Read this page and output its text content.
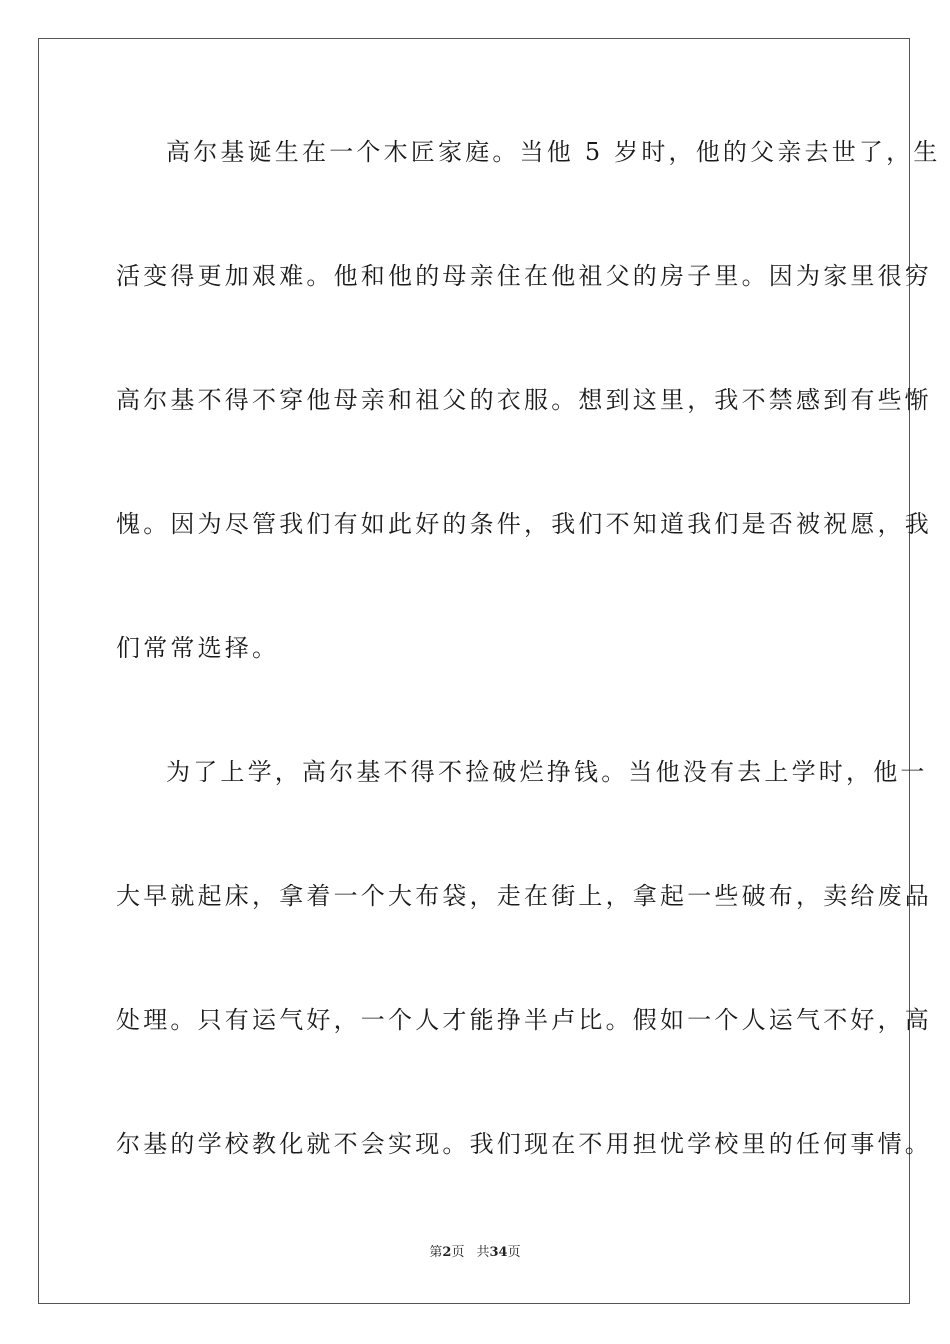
高尔基诞生在一个木匠家庭。当他 5 岁时，他的父亲去世了，生
活变得更加艰难。他和他的母亲住在他祖父的房子里。因为家里很穷
高尔基不得不穿他母亲和祖父的衣服。想到这里，我不禁感到有些惭
愧。因为尽管我们有如此好的条件，我们不知道我们是否被祝愿，我
们常常选择。
为了上学，高尔基不得不捡破烂挣钱。当他没有去上学时，他一
大早就起床，拿着一个大布袋，走在街上，拿起一些破布，卖给废品
处理。只有运气好，一个人才能挣半卢比。假如一个人运气不好，高
尔基的学校教化就不会实现。我们现在不用担忧学校里的任何事情。
第2页 共34页
